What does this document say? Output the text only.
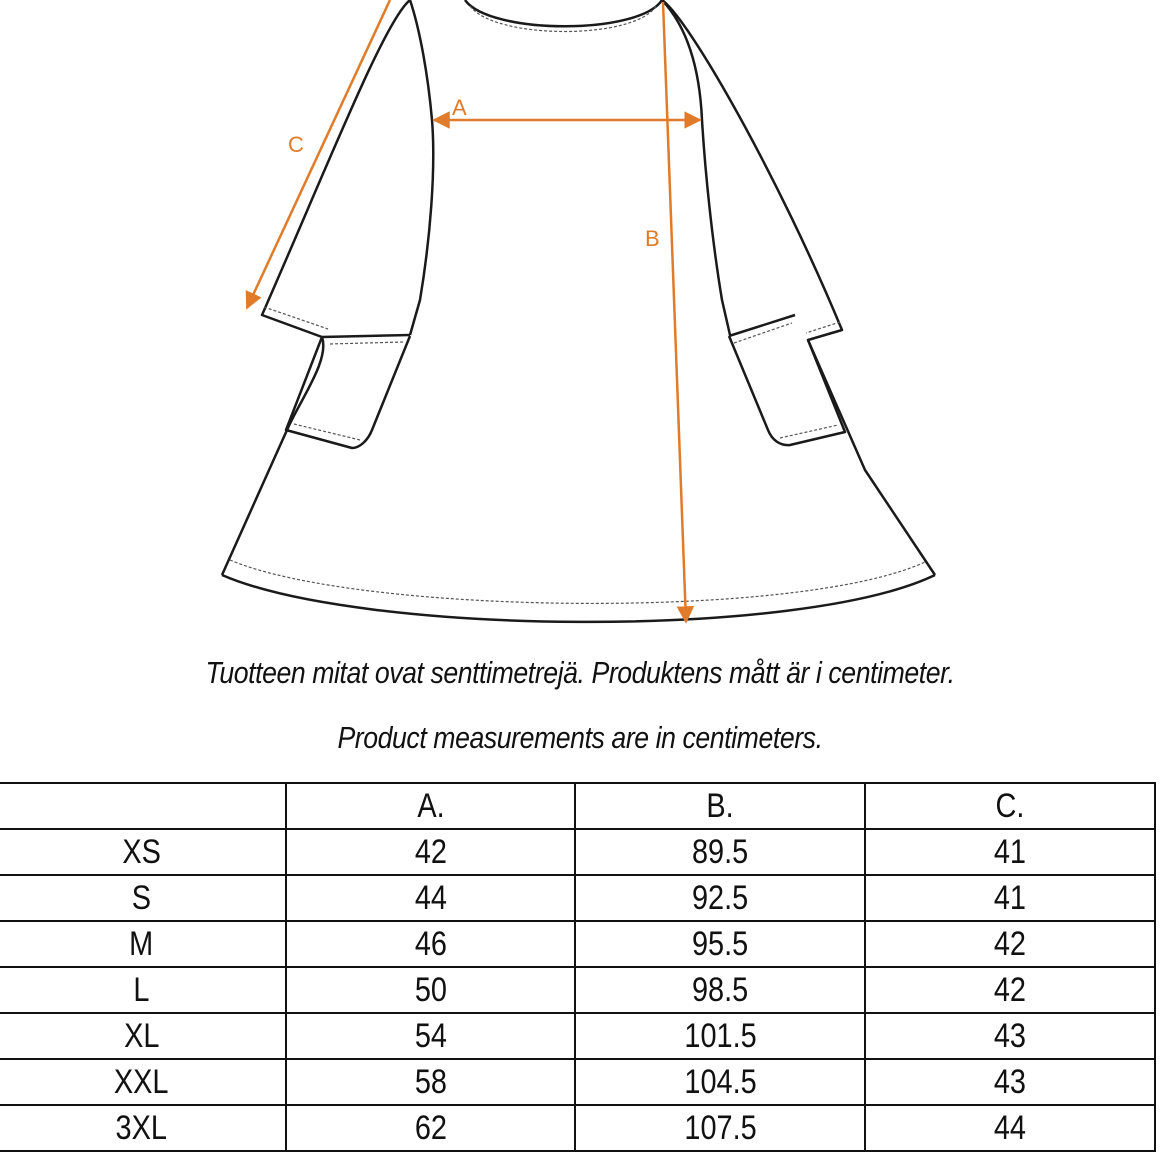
A
B
C
Tuotteen mitat ovat senttimetrejä. Produktens mått är i centimeter.
Product measurements are in centimeters.
	A.	B.	C.
XS	42	89.5	41
S	44	92.5	41
M	46	95.5	42
L	50	98.5	42
XL	54	101.5	43
XXL	58	104.5	43
3XL	62	107.5	44
